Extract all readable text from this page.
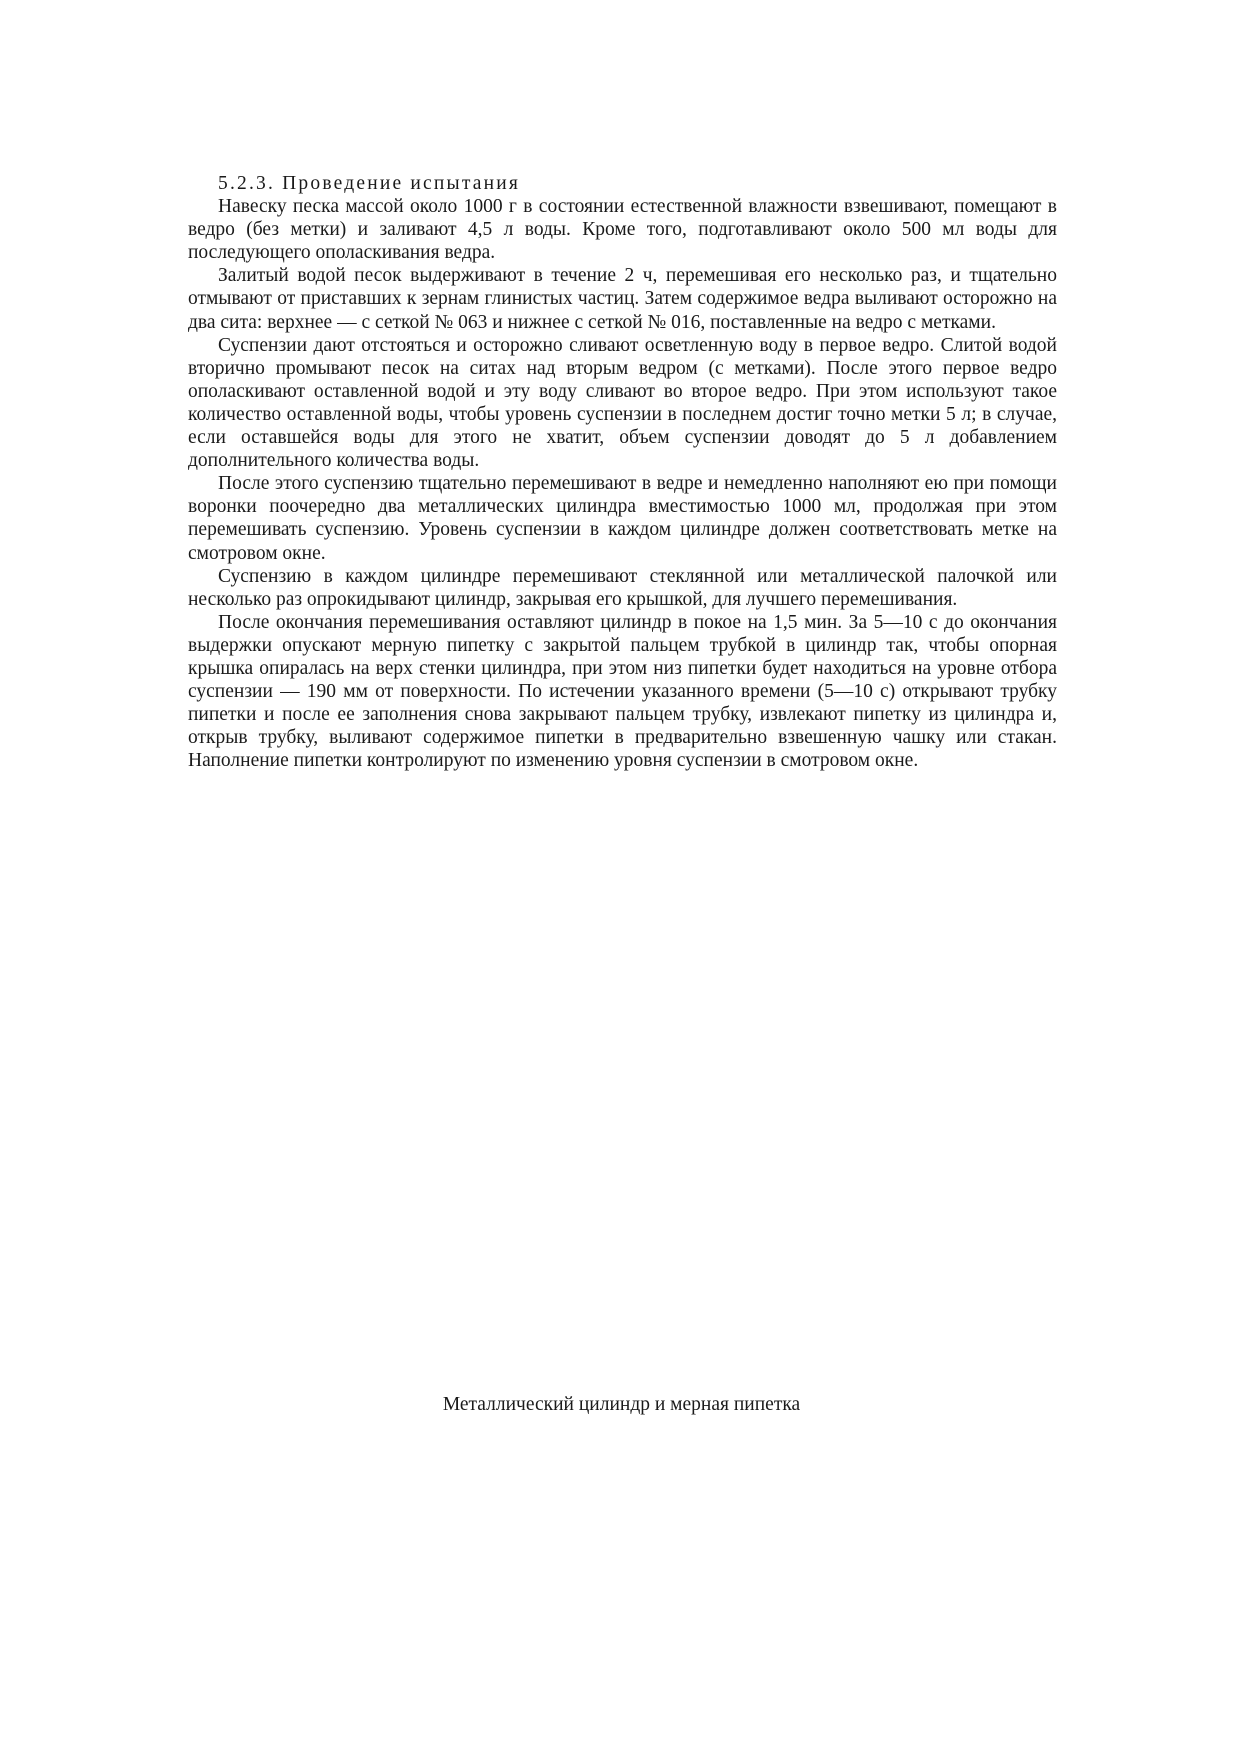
5.2.3. Проведение испытания

Навеску песка массой около 1000 г в состоянии естественной влажности взвешивают, помещают в ведро (без метки) и заливают 4,5 л воды. Кроме того, подготавливают около 500 мл воды для последующего ополаскивания ведра.

Залитый водой песок выдерживают в течение 2 ч, перемешивая его несколько раз, и тщательно отмывают от приставших к зернам глинистых частиц. Затем содержимое ведра выливают осторожно на два сита: верхнее — с сеткой № 063 и нижнее с сеткой № 016, поставленные на ведро с метками.

Суспензии дают отстояться и осторожно сливают осветленную воду в первое ведро. Слитой водой вторично промывают песок на ситах над вторым ведром (с метками). После этого первое ведро ополаскивают оставленной водой и эту воду сливают во второе ведро. При этом используют такое количество оставленной воды, чтобы уровень суспензии в последнем достиг точно метки 5 л; в случае, если оставшейся воды для этого не хватит, объем суспензии доводят до 5 л добавлением дополнительного количества воды.

После этого суспензию тщательно перемешивают в ведре и немедленно наполняют ею при помощи воронки поочередно два металлических цилиндра вместимостью 1000 мл, продолжая при этом перемешивать суспензию. Уровень суспензии в каждом цилиндре должен соответствовать метке на смотровом окне.

Суспензию в каждом цилиндре перемешивают стеклянной или металлической палочкой или несколько раз опрокидывают цилиндр, закрывая его крышкой, для лучшего перемешивания.

После окончания перемешивания оставляют цилиндр в покое на 1,5 мин. За 5—10 с до окончания выдержки опускают мерную пипетку с закрытой пальцем трубкой в цилиндр так, чтобы опорная крышка опиралась на верх стенки цилиндра, при этом низ пипетки будет находиться на уровне отбора суспензии — 190 мм от поверхности. По истечении указанного времени (5—10 с) открывают трубку пипетки и после ее заполнения снова закрывают пальцем трубку, извлекают пипетку из цилиндра и, открыв трубку, выливают содержимое пипетки в предварительно взвешенную чашку или стакан. Наполнение пипетки контролируют по изменению уровня суспензии в смотровом окне.

Металлический цилиндр и мерная пипетка
